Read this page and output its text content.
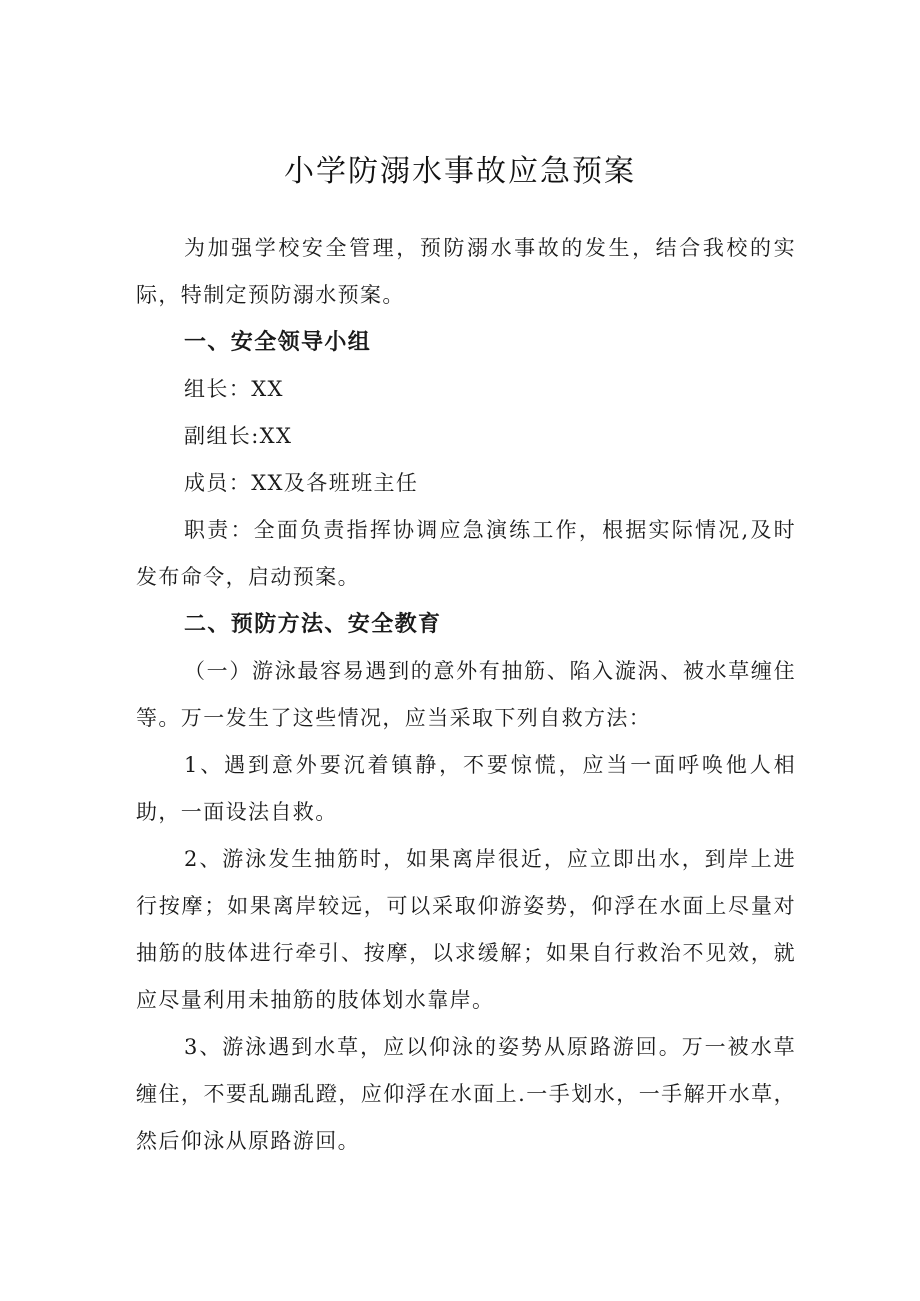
小学防溺水事故应急预案

为加强学校安全管理，预防溺水事故的发生，结合我校的实际，特制定预防溺水预案。

一、安全领导小组

组长：XX

副组长:XX

成员：XX及各班班主任

职责：全面负责指挥协调应急演练工作，根据实际情况,及时发布命令，启动预案。

二、预防方法、安全教育

（一）游泳最容易遇到的意外有抽筋、陷入漩涡、被水草缠住等。万一发生了这些情况，应当采取下列自救方法：

1、遇到意外要沉着镇静，不要惊慌，应当一面呼唤他人相助，一面设法自救。

2、游泳发生抽筋时，如果离岸很近，应立即出水，到岸上进行按摩；如果离岸较远，可以采取仰游姿势，仰浮在水面上尽量对抽筋的肢体进行牵引、按摩，以求缓解；如果自行救治不见效，就应尽量利用未抽筋的肢体划水靠岸。

3、游泳遇到水草，应以仰泳的姿势从原路游回。万一被水草缠住，不要乱蹦乱蹬，应仰浮在水面上.一手划水，一手解开水草，然后仰泳从原路游回。
